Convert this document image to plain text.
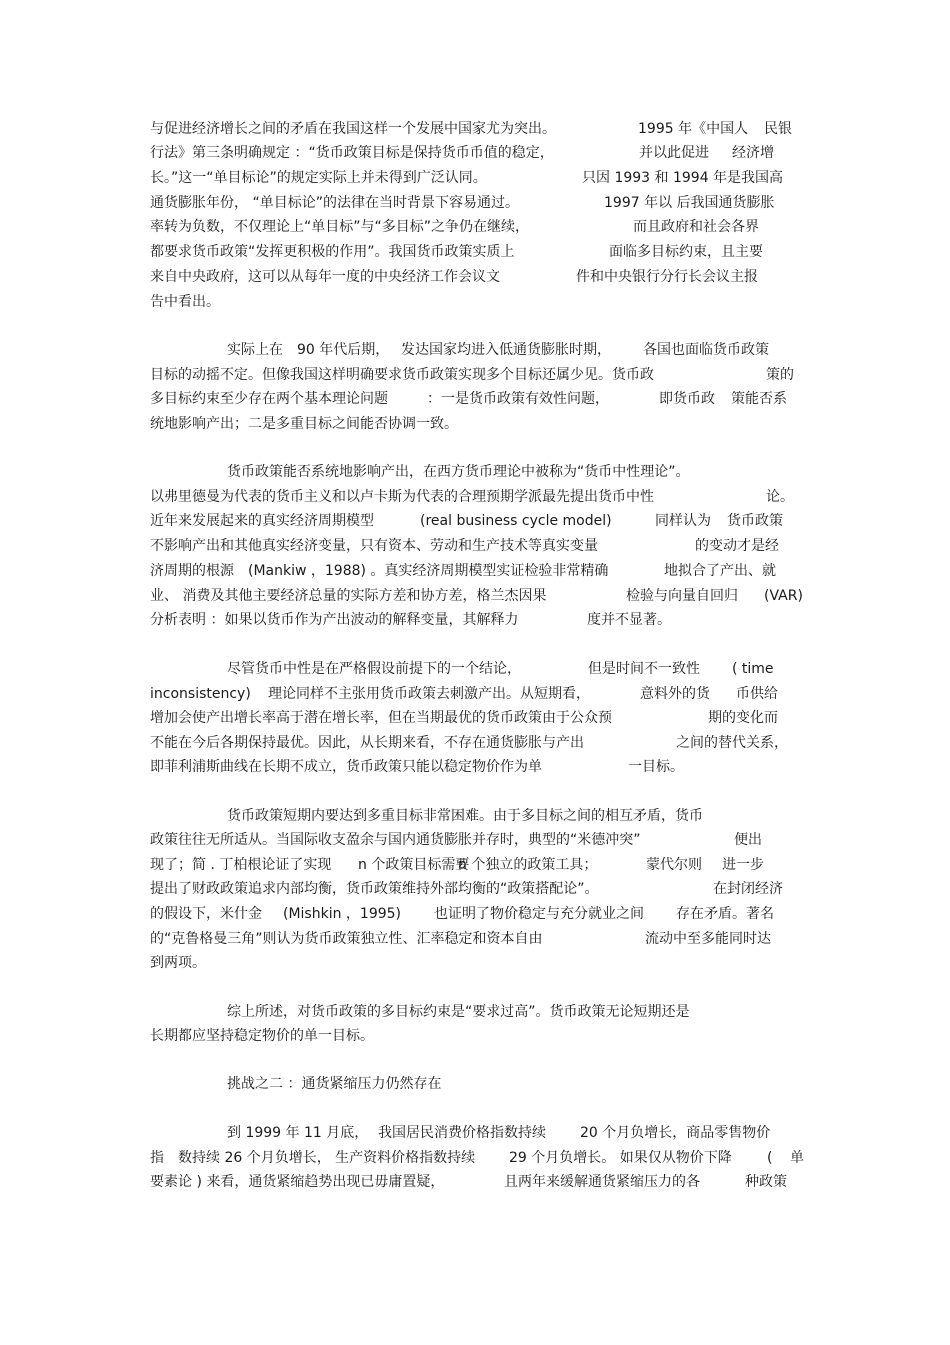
与促进经济增长之间的矛盾在我国这样一个发展中国家尤为突出。	1995 年《中国人 民银
行法》第三条明确规定 ：“货币政策目标是保持货币币值的稳定，	并以此促进 经济增
长。”这一“单目标论”的规定实际上并未得到广泛认同。	只因 1993 和 1994 年是我国高
通货膨胀年份， “单目标论”的法律在当时背景下容易通过。	1997 年以 后我国通货膨胀
率转为负数，不仅理论上“单目标”与“多目标”之争仍在继续，	而且政府和社会各界
都要求货币政策“发挥更积极的作用”。我国货币政策实质上	面临多目标约束，且主要
来自中央政府，这可以从每年一度的中央经济工作会议文	件和中央银行分行长会议主报
告中看出。
实际上在 90 年代后期， 发达国家均进入低通货膨胀时期， 各国也面临货币政策
目标的动摇不定。但像我国这样明确要求货币政策实现多个目标还属少见。货币政	策的
多目标约束至少存在两个基本理论问题	：一是货币政策有效性问题，	即货币政 策能否系
统地影响产出；二是多重目标之间能否协调一致。
货币政策能否系统地影响产出，在西方货币理论中被称为“货币中性理论”。
以弗里德曼为代表的货币主义和以卢卡斯为代表的合理预期学派最先提出货币中性	论。
近年来发展起来的真实经济周期模型	(real business cycle model)	同样认为 货币政策
不影响产出和其他真实经济变量，只有资本、劳动和生产技术等真实变量	的变动才是经
济周期的根源 (Mankiw ，1988) 。真实经济周期模型实证检验非常精确	地拟合了产出、就
业、 消费及其他主要经济总量的实际方差和协方差，格兰杰因果	检验与向量自回归 (VAR)
分析表明 ：如果以货币作为产出波动的解释变量，其解释力	度并不显著。
尽管货币中性是在严格假设前提下的一个结论，	但是时间不一致性 ( time
inconsistency) 理论同样不主张用货币政策去刺激产出。从短期看，	意料外的货 币供给
增加会使产出增长率高于潜在增长率，但在当期最优的货币政策由于公众预	期的变化而
不能在今后各期保持最优。因此，从长期来看，不存在通货膨胀与产出	之间的替代关系，
即菲利浦斯曲线在长期不成立，货币政策只能以稳定物价作为单	一目标。
货币政策短期内要达到多重目标非常困难。由于多目标之间的相互矛盾，货币
政策往往无所适从。当国际收支盈余与国内通货膨胀并存时，典型的“米德冲突”	便出
现了；简 . 丁柏根论证了实现 n 个政策目标需要
n 个独立的政策工具；	蒙代尔则 进一步
提出了财政政策追求内部均衡，货币政策维持外部均衡的“政策搭配论”。	在封闭经济
的假设下，米什金 (Mishkin ，1995) 也证明了物价稳定与充分就业之间 存在矛盾。著名
的“克鲁格曼三角”则认为货币政策独立性、汇率稳定和资本自由	流动中至多能同时达
到两项。
综上所述，对货币政策的多目标约束是“要求过高”。货币政策无论短期还是
长期都应坚持稳定物价的单一目标。
挑战之二 ：通货紧缩压力仍然存在
到 1999 年 11 月底， 我国居民消费价格指数持续 20 个月负增长，商品零售物价
指 数持续 26 个月负增长， 生产资料价格指数持续 29 个月负增长。 如果仅从物价下降	( 单
要素论 ) 来看，通货紧缩趋势出现已毋庸置疑，	且两年来缓解通货紧缩压力的各	种政策
